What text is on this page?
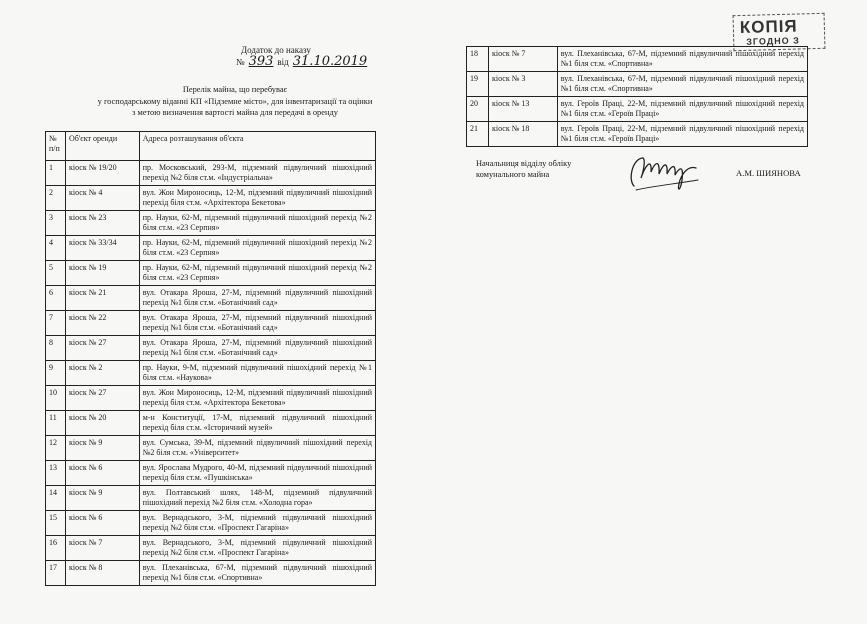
КОПІЯ
ЗГОДНО З
Додаток до наказу
№ 393 від 31.10.2019
Перелік майна, що перебуває
у господарському віданні КП «Підземне місто», для інвентаризації та оцінки
з метою визначення вартості майна для передачі в оренду
№ п/п	Об'єкт оренди	Адреса розташування об'єкта
1	кіоск № 19/20	пр. Московський, 293-М, підземний підвуличний пішохідний перехід №2 біля ст.м. «Індустріальна»
2	кіоск № 4	вул. Жон Мироносиць, 12-М, підземний підвуличний пішохідний перехід біля ст.м. «Архітектора Бекетова»
3	кіоск № 23	пр. Науки, 62-М, підземний підвуличний пішохідний перехід №2 біля ст.м. «23 Серпня»
4	кіоск № 33/34	пр. Науки, 62-М, підземний підвуличний пішохідний перехід №2 біля ст.м. «23 Серпня»
5	кіоск № 19	пр. Науки, 62-М, підземний підвуличний пішохідний перехід №2 біля ст.м. «23 Серпня»
6	кіоск № 21	вул. Отакара Яроша, 27-М, підземний підвуличний пішохідний перехід №1 біля ст.м. «Ботанічний сад»
7	кіоск № 22	вул. Отакара Яроша, 27-М, підземний підвуличний пішохідний перехід №1 біля ст.м. «Ботанічний сад»
8	кіоск № 27	вул. Отакара Яроша, 27-М, підземний підвуличний пішохідний перехід №1 біля ст.м. «Ботанічний сад»
9	кіоск № 2	пр. Науки, 9-М, підземний підвуличний пішохідний перехід №1 біля ст.м. «Наукова»
10	кіоск № 27	вул. Жон Мироносиць, 12-М, підземний підвуличний пішохідний перехід біля ст.м. «Архітектора Бекетова»
11	кіоск № 20	м-н Конституції, 17-М, підземний підвуличний пішохідний перехід біля ст.м. «Історичний музей»
12	кіоск № 9	вул. Сумська, 39-М, підземний підвуличний пішохідний перехід №2 біля ст.м. «Університет»
13	кіоск № 6	вул. Ярослава Мудрого, 40-М, підземний підвуличний пішохідний перехід біля ст.м. «Пушкінська»
14	кіоск № 9	вул. Полтавський шлях, 148-М, підземний підвуличний пішохідний перехід №2 біля ст.м. «Холодна гора»
15	кіоск № 6	вул. Вернадського, 3-М, підземний підвуличний пішохідний перехід №2 біля ст.м. «Проспект Гагаріна»
16	кіоск № 7	вул. Вернадського, 3-М, підземний підвуличний пішохідний перехід №2 біля ст.м. «Проспект Гагаріна»
17	кіоск № 8	вул. Плеханівська, 67-М, підземний підвуличний пішохідний перехід №1 біля ст.м. «Спортивна»
18	кіоск № 7	вул. Плеханівська, 67-М, підземний підвуличний пішохідний перехід №1 біля ст.м. «Спортивна»
19	кіоск № 3	вул. Плеханівська, 67-М, підземний підвуличний пішохідний перехід №1 біля ст.м. «Спортивна»
20	кіоск № 13	вул. Героїв Праці, 22-М, підземний підвуличний пішохідний перехід №1 біля ст.м. «Героїв Праці»
21	кіоск № 18	вул. Героїв Праці, 22-М, підземний підвуличний пішохідний перехід №1 біля ст.м. «Героїв Праці»
Начальниця відділу обліку
комунального майна	А.М. ШИЯНОВА
